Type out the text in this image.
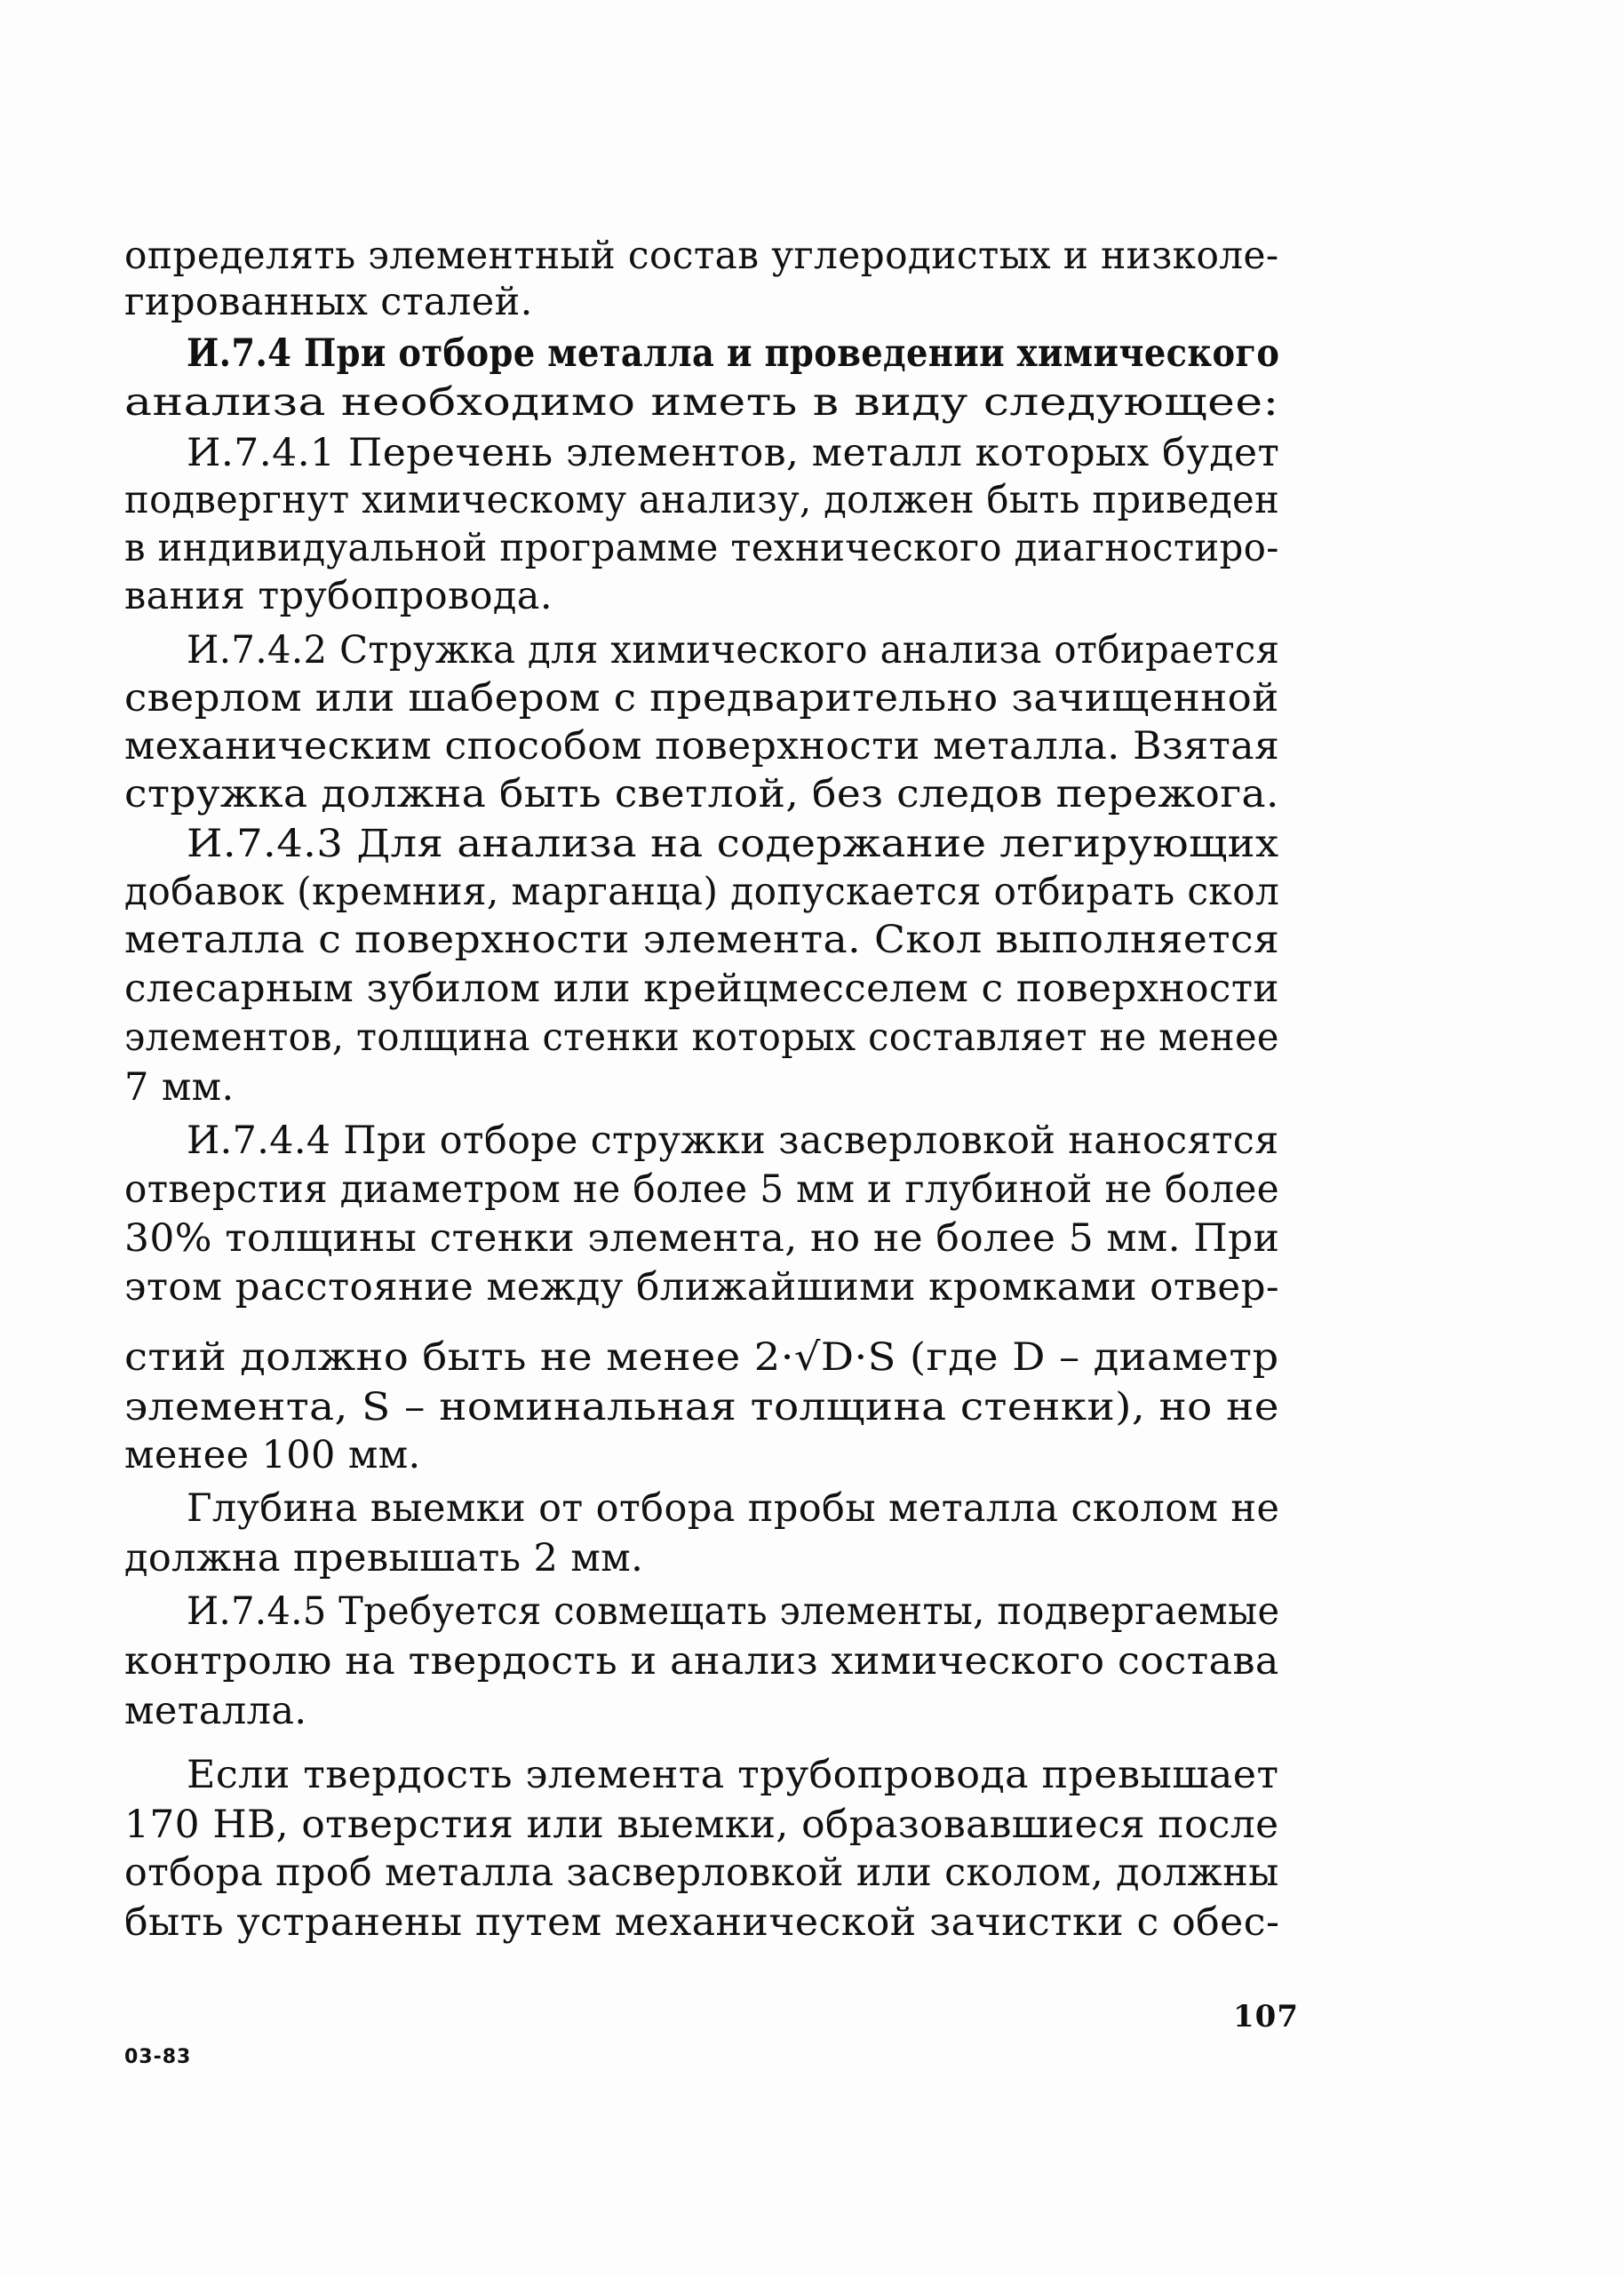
определять элементный состав углеродистых и низколе-
гированных сталей.
И.7.4 При отборе металла и проведении химического
анализа необходимо иметь в виду следующее:
И.7.4.1 Перечень элементов, металл которых будет
подвергнут химическому анализу, должен быть приведен
в индивидуальной программе технического диагностиро-
вания трубопровода.
И.7.4.2 Стружка для химического анализа отбирается
сверлом или шабером с предварительно зачищенной
механическим способом поверхности металла. Взятая
стружка должна быть светлой, без следов пережога.
И.7.4.3 Для анализа на содержание легирующих
добавок (кремния, марганца) допускается отбирать скол
металла с поверхности элемента. Скол выполняется
слесарным зубилом или крейцмесселем с поверхности
элементов, толщина стенки которых составляет не менее
7 мм.
И.7.4.4 При отборе стружки засверловкой наносятся
отверстия диаметром не более 5 мм и глубиной не более
30% толщины стенки элемента, но не более 5 мм. При
этом расстояние между ближайшими кромками отвер-
стий должно быть не менее 2·√D·S (где D – диаметр
элемента, S – номинальная толщина стенки), но не
менее 100 мм.
Глубина выемки от отбора пробы металла сколом не
должна превышать 2 мм.
И.7.4.5 Требуется совмещать элементы, подвергаемые
контролю на твердость и анализ химического состава
металла.
Если твердость элемента трубопровода превышает
170 НВ, отверстия или выемки, образовавшиеся после
отбора проб металла засверловкой или сколом, должны
быть устранены путем механической зачистки с обес-
107
03-83
